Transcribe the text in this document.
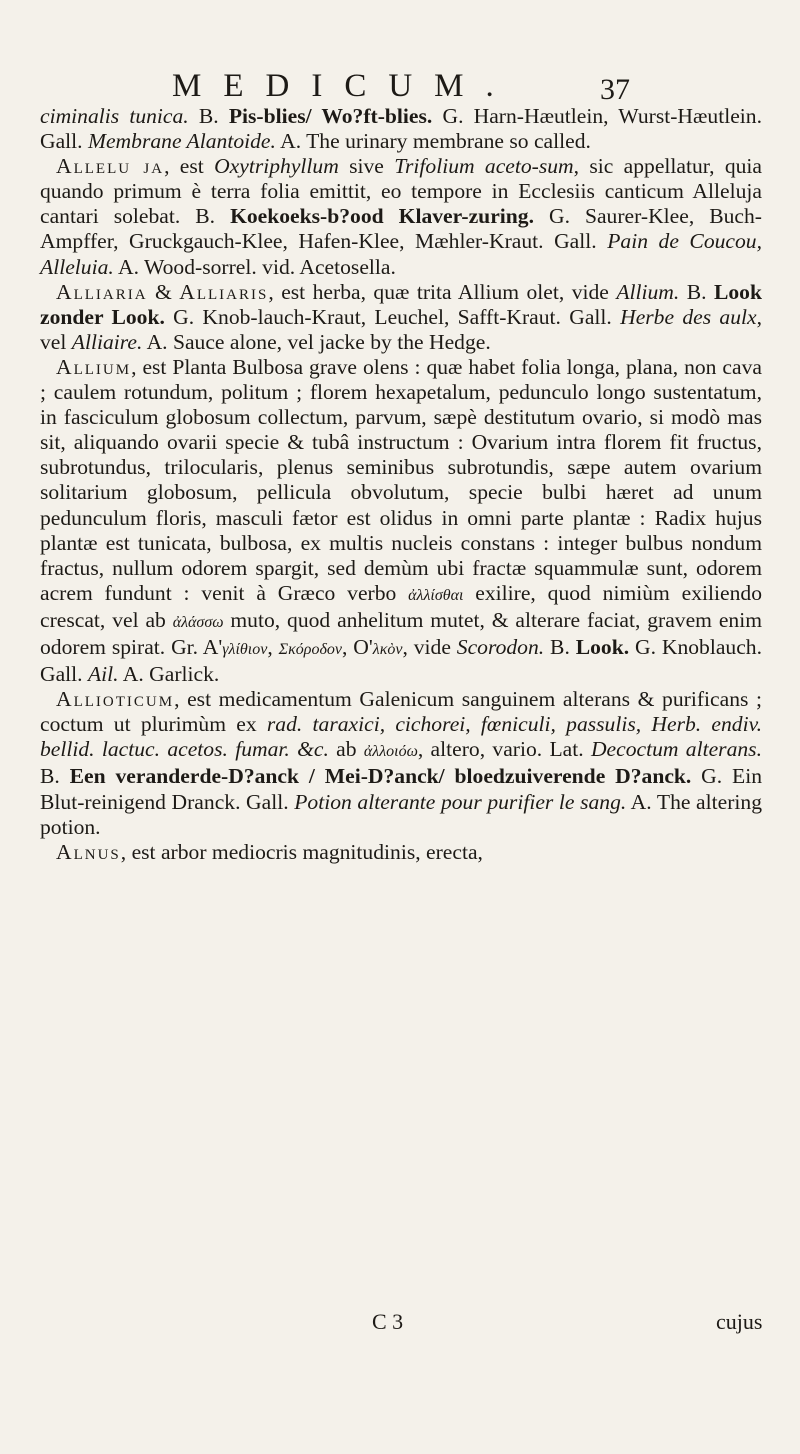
MEDICUM.	37

ciminalis tunica. B. Pis-blies/ Wo?ft-blies. G. Harn-Hæutlein, Wurst-Hæutlein. Gall. Membrane Alantoide. A. The urinary membrane so called.

Allelu ja, est Oxytriphyllum sive Trifolium aceto-sum, sic appellatur, quia quando primum è terra folia emittit, eo tempore in Ecclesiis canticum Alleluja cantari solebat. B. Koekoeks-b?ood Klaver-zuring. G. Saurer-Klee, Buch-Ampffer, Gruckgauch-Klee, Hafen-Klee, Mæhler-Kraut. Gall. Pain de Coucou, Alleluia. A. Wood-sorrel. vid. Acetosella.

Alliaria & Alliaris, est herba, quæ trita Allium olet, vide Allium. B. Look zonder Look. G. Knob-lauch-Kraut, Leuchel, Safft-Kraut. Gall. Herbe des aulx, vel Alliaire. A. Sauce alone, vel jacke by the Hedge.

Allium, est Planta Bulbosa grave olens : quæ habet folia longa, plana, non cava ; caulem rotundum, politum ; florem hexapetalum, pedunculo longo sustentatum, in fasciculum globosum collectum, parvum, sæpè destitutum ovario, si modò mas sit, aliquando ovarii specie & tubâ instructum : Ovarium intra florem fit fructus, subrotundus, trilocularis, plenus seminibus subrotundis, sæpe autem ovarium solitarium globosum, pellicula obvolutum, specie bulbi hæret ad unum pedunculum floris, masculi fætor est olidus in omni parte plantæ : Radix hujus plantæ est tunicata, bulbosa, ex multis nucleis constans : integer bulbus nondum fractus, nullum odorem spargit, sed demùm ubi fractæ squammulæ sunt, odorem acrem fundunt : venit à Græco verbo ἀλλίσθαι exilire, quod nimiùm exiliendo crescat, vel ab ἀλάσσω muto, quod anhelitum mutet, & alterare faciat, gravem enim odorem spirat. Gr. A'γλίθιον, Σκόροδον, O'λκὸν, vide Scorodon. B. Look. G. Knoblauch. Gall. Ail. A. Garlick.

Allioticum, est medicamentum Galenicum sanguinem alterans & purificans ; coctum ut plurimùm ex rad. taraxici, cichorei, fœniculi, passulis, Herb. endiv. bellid. lactuc. acetos. fumar. &c. ab ἀλλοιόω, altero, vario. Lat. Decoctum alterans. B. Een veranderde-D?anck / Mei-D?anck/ bloedzuiverende D?anck. G. Ein Blut-reinigend Dranck. Gall. Potion alterante pour purifier le sang. A. The altering potion.

Alnus, est arbor mediocris magnitudinis, erecta,

C 3	cujus
